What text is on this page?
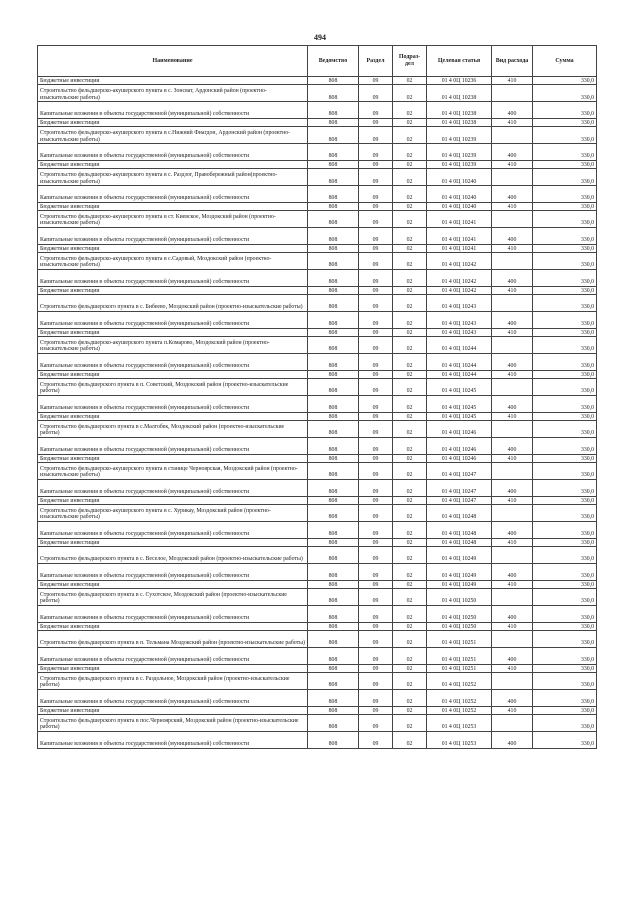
494
Наименование	Ведомство	Раздел	Подраз-дел	Целевая статья	Вид расхода	Сумма
Бюджетные инвестиции	808	09	02	01 4 0Ц 10236	410	330,0
Строительство фельдшерско-акушерского пункта в с. Зонсват, Ардонский район (проектно-изыскательские работы)	808	09	02	01 4 0Ц 10238		330,0
Капитальные вложения в объекты государственной (муниципальной) собственности	808	09	02	01 4 0Ц 10238	400	330,0
Бюджетные инвестиции	808	09	02	01 4 0Ц 10238	410	330,0
Строительство фельдшерско-акушерского пункта в с.Нижний Фиагдон, Ардонский район (проектно-изыскательские работы)	808	09	02	01 4 0Ц 10239		330,0
Капитальные вложения в объекты государственной (муниципальной) собственности	808	09	02	01 4 0Ц 10239	400	330,0
Бюджетные инвестиции	808	09	02	01 4 0Ц 10239	410	330,0
Строительство фельдшерско-акушерского пункта в с. Раздзог, Правобережный район(проектно-изыскательские работы)	808	09	02	01 4 0Ц 10240		330,0
Капитальные вложения в объекты государственной (муниципальной) собственности	808	09	02	01 4 0Ц 10240	400	330,0
Бюджетные инвестиции	808	09	02	01 4 0Ц 10240	410	330,0
Строительство фельдшерско-акушерского пункта в ст. Киевское, Моздокский район (проектно-изыскательские работы)	808	09	02	01 4 0Ц 10241		330,0
Капитальные вложения в объекты государственной (муниципальной) собственности	808	09	02	01 4 0Ц 10241	400	330,0
Бюджетные инвестиции	808	09	02	01 4 0Ц 10241	410	330,0
Строительство фельдшерско-акушерского пункта в с.Садовый, Моздокский район (проектно-изыскательские работы)	808	09	02	01 4 0Ц 10242		330,0
Капитальные вложения в объекты государственной (муниципальной) собственности	808	09	02	01 4 0Ц 10242	400	330,0
Бюджетные инвестиции	808	09	02	01 4 0Ц 10242	410	330,0
Строительство фельдшерского пункта в с. Бибеево, Моздокский район (проектно-изыскательские работы)	808	09	02	01 4 0Ц 10243		330,0
Капитальные вложения в объекты государственной (муниципальной) собственности	808	09	02	01 4 0Ц 10243	400	330,0
Бюджетные инвестиции	808	09	02	01 4 0Ц 10243	410	330,0
Строительство фельдшерско-акушерского пункта п.Комарово, Моздокский район (проектно-изыскательские работы)	808	09	02	01 4 0Ц 10244		330,0
Капитальные вложения в объекты государственной (муниципальной) собственности	808	09	02	01 4 0Ц 10244	400	330,0
Бюджетные инвестиции	808	09	02	01 4 0Ц 10244	410	330,0
Строительство фельдшерского пункта в п. Советский, Моздокский район (проектно-изыскательские работы)	808	09	02	01 4 0Ц 10245		330,0
Капитальные вложения в объекты государственной (муниципальной) собственности	808	09	02	01 4 0Ц 10245	400	330,0
Бюджетные инвестиции	808	09	02	01 4 0Ц 10245	410	330,0
Строительство фельдшерского пункта в с.Малгобек, Моздокский район (проектно-изыскательские работы)	808	09	02	01 4 0Ц 10246		330,0
Капитальные вложения в объекты государственной (муниципальной) собственности	808	09	02	01 4 0Ц 10246	400	330,0
Бюджетные инвестиции	808	09	02	01 4 0Ц 10246	410	330,0
Строительство фельдшерско-акушерского пункта в станице Черноярская, Моздокский район (проектно-изыскательские работы)	808	09	02	01 4 0Ц 10247		330,0
Капитальные вложения в объекты государственной (муниципальной) собственности	808	09	02	01 4 0Ц 10247	400	330,0
Бюджетные инвестиции	808	09	02	01 4 0Ц 10247	410	330,0
Строительство фельдшерско-акушерского пункта в с. Хурикау, Моздокский район (проектно-изыскательские работы)	808	09	02	01 4 0Ц 10248		330,0
Капитальные вложения в объекты государственной (муниципальной) собственности	808	09	02	01 4 0Ц 10248	400	330,0
Бюджетные инвестиции	808	09	02	01 4 0Ц 10248	410	330,0
Строительство фельдшерского пункта в с. Веселое, Моздокский район (проектно-изыскательские работы)	808	09	02	01 4 0Ц 10249		330,0
Капитальные вложения в объекты государственной (муниципальной) собственности	808	09	02	01 4 0Ц 10249	400	330,0
Бюджетные инвестиции	808	09	02	01 4 0Ц 10249	410	330,0
Строительство фельдшерского пункта в с. Сухотское, Моздокский район (проектно-изыскательские работы)	808	09	02	01 4 0Ц 10250		330,0
Капитальные вложения в объекты государственной (муниципальной) собственности	808	09	02	01 4 0Ц 10250	400	330,0
Бюджетные инвестиции	808	09	02	01 4 0Ц 10250	410	330,0
Строительство фельдшерского пункта в п. Тельмана Моздокский район (проектно-изыскательские работы)	808	09	02	01 4 0Ц 10251		330,0
Капитальные вложения в объекты государственной (муниципальной) собственности	808	09	02	01 4 0Ц 10251	400	330,0
Бюджетные инвестиции	808	09	02	01 4 0Ц 10251	410	330,0
Строительство фельдшерского пункта в с. Раздольное, Моздокский район (проектно-изыскательские работы)	808	09	02	01 4 0Ц 10252		330,0
Капитальные вложения в объекты государственной (муниципальной) собственности	808	09	02	01 4 0Ц 10252	400	330,0
Бюджетные инвестиции	808	09	02	01 4 0Ц 10252	410	330,0
Строительство фельдшерского пункта в пос.Черноярский, Моздокский район (проектно-изыскательские работы)	808	09	02	01 4 0Ц 10253		330,0
Капитальные вложения в объекты государственной (муниципальной) собственности	808	09	02	01 4 0Ц 10253	400	330,0
